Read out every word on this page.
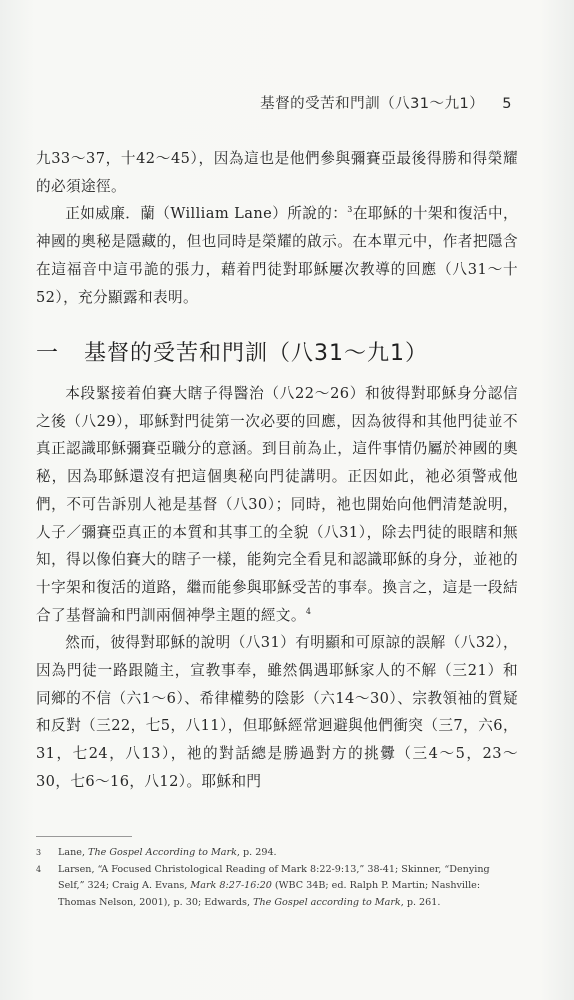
基督的受苦和門訓（八31～九1） 5

九33～37，十42～45），因為這也是他們參與彌賽亞最後得勝和得榮耀的必須途徑。

正如威廉．蘭（William Lane）所說的：$^3$在耶穌的十架和復活中，神國的奧秘是隱藏的，但也同時是榮耀的啟示。在本單元中，作者把隱含在這福音中這弔詭的張力，藉着門徒對耶穌屢次教導的回應（八31～十52），充分顯露和表明。

一 基督的受苦和門訓（八31～九1）

本段緊接着伯賽大瞎子得醫治（八22～26）和彼得對耶穌身分認信之後（八29），耶穌對門徒第一次必要的回應，因為彼得和其他門徒並不真正認識耶穌彌賽亞職分的意涵。到目前為止，這件事情仍屬於神國的奧秘，因為耶穌還沒有把這個奧秘向門徒講明。正因如此，祂必須警戒他們，不可告訴別人祂是基督（八30）；同時，祂也開始向他們清楚說明，人子／彌賽亞真正的本質和其事工的全貌（八31），除去門徒的眼瞎和無知，得以像伯賽大的瞎子一樣，能夠完全看見和認識耶穌的身分，並祂的十字架和復活的道路，繼而能參與耶穌受苦的事奉。換言之，這是一段結合了基督論和門訓兩個神學主題的經文。$^4$

然而，彼得對耶穌的說明（八31）有明顯和可原諒的誤解（八32），因為門徒一路跟隨主，宣教事奉，雖然偶遇耶穌家人的不解（三21）和同鄉的不信（六1～6）、希律權勢的陰影（六14～30）、宗教領袖的質疑和反對（三22，七5，八11），但耶穌經常迴避與他們衝突（三7，六6，31，七24，八13），祂的對話總是勝過對方的挑釁（三4～5，23～30，七6～16，八12）。耶穌和門

3	Lane, The Gospel According to Mark, p. 294.
4	Larsen, “A Focused Christological Reading of Mark 8:22-9:13,” 38-41; Skinner, “Denying Self,” 324; Craig A. Evans, Mark 8:27-16:20 (WBC 34B; ed. Ralph P. Martin; Nashville: Thomas Nelson, 2001), p. 30; Edwards, The Gospel according to Mark, p. 261.
